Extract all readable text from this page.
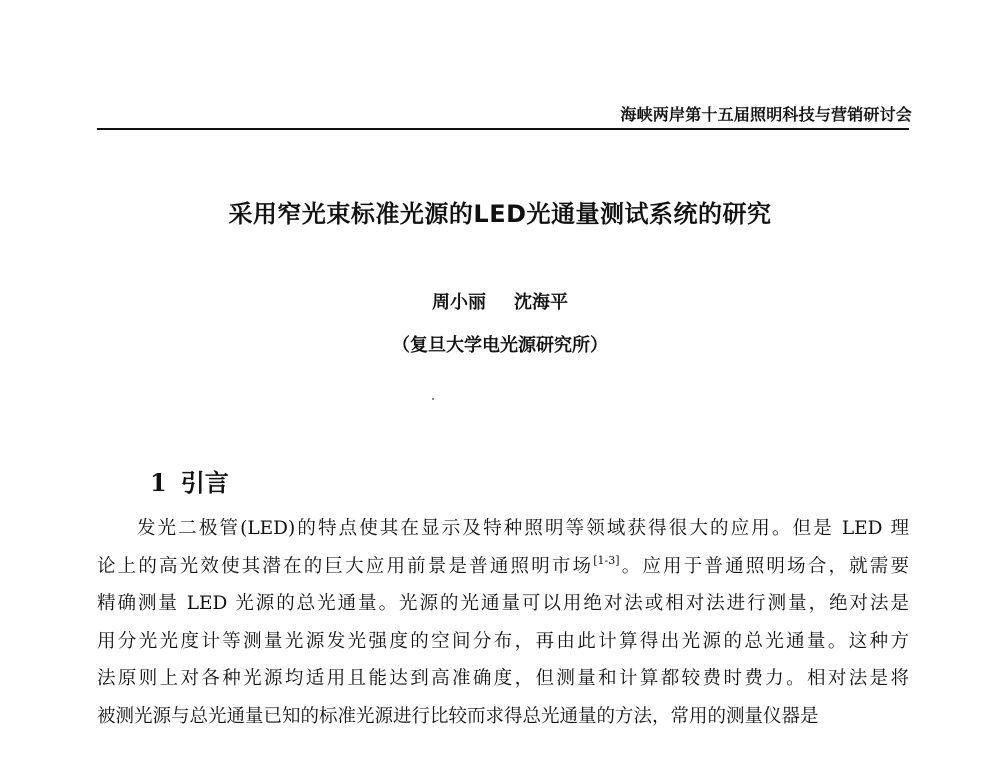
海峡两岸第十五届照明科技与营销研讨会
采用窄光束标准光源的LED光通量测试系统的研究
周小丽 沈海平
（复旦大学电光源研究所）
1 引言
发光二极管(LED)的特点使其在显示及特种照明等领域获得很大的应用。但是 LED 理
论上的高光效使其潜在的巨大应用前景是普通照明市场[1-3]。应用于普通照明场合，就需要
精确测量 LED 光源的总光通量。光源的光通量可以用绝对法或相对法进行测量，绝对法是
用分光光度计等测量光源发光强度的空间分布，再由此计算得出光源的总光通量。这种方
法原则上对各种光源均适用且能达到高准确度，但测量和计算都较费时费力。相对法是将
被测光源与总光通量已知的标准光源进行比较而求得总光通量的方法，常用的测量仪器是
